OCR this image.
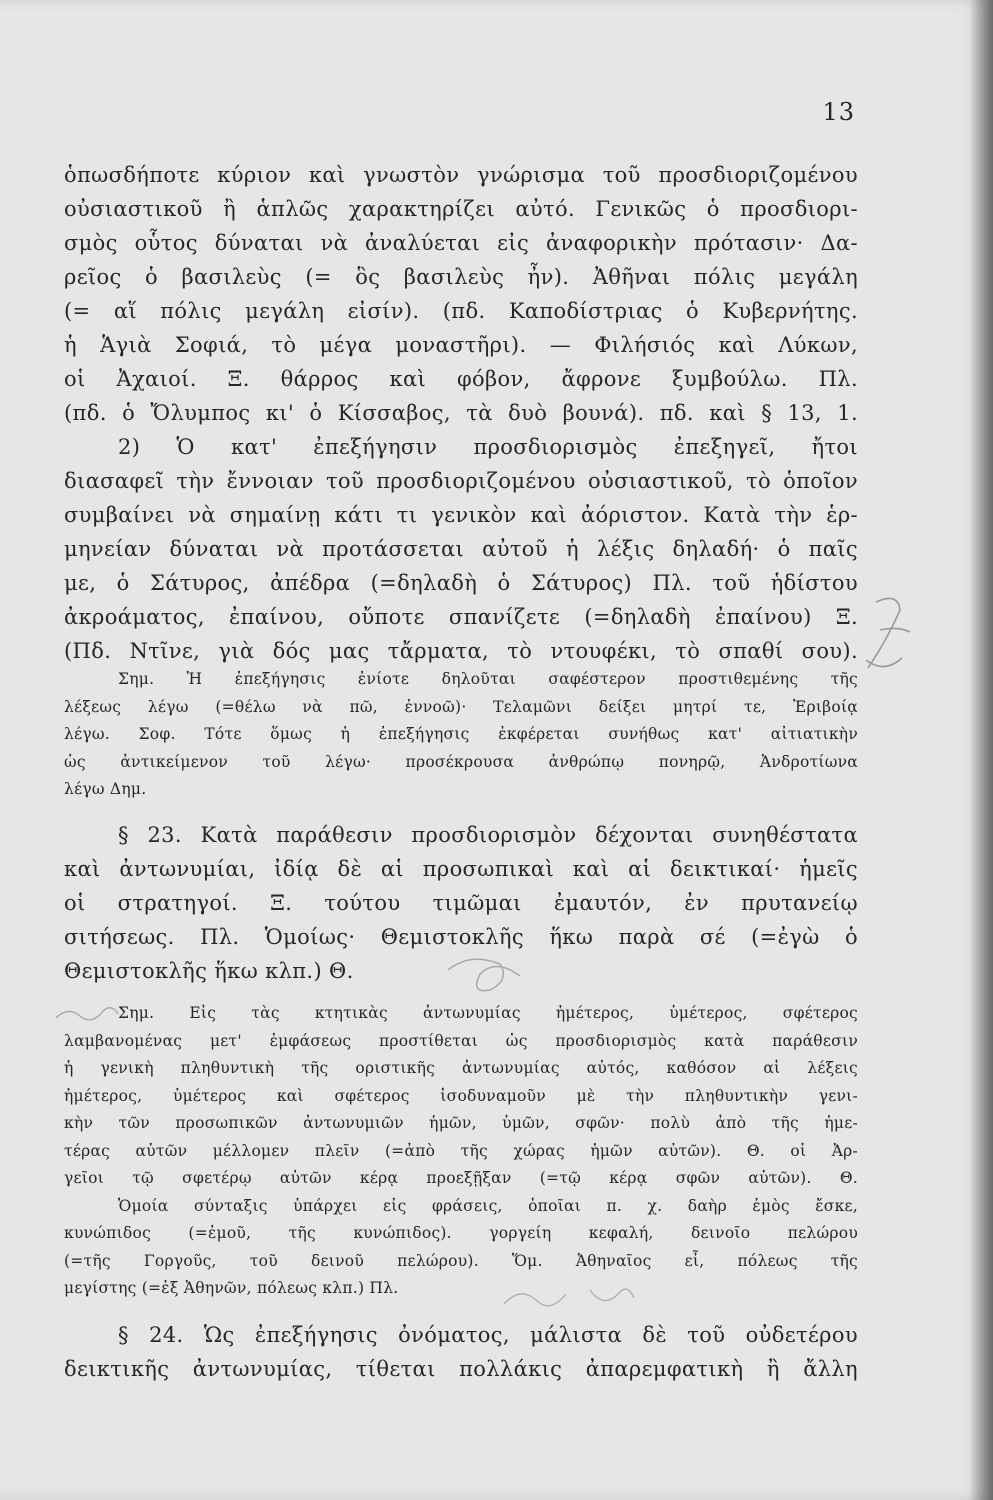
13
ὁπωσδήποτε κύριον καὶ γνωστὸν γνώρισμα τοῦ προσδιοριζομένου
οὐσιαστικοῦ ἢ ἁπλῶς χαρακτηρίζει αὐτό. Γενικῶς ὁ προσδιορι-
σμὸς οὗτος δύναται νὰ ἀναλύεται εἰς ἀναφορικὴν πρότασιν· Δα-
ρεῖος ὁ βασιλεὺς (= ὃς βασιλεὺς ἦν). Ἀθῆναι πόλις μεγάλη
(= αἵ πόλις μεγάλη εἰσίν). (πδ. Καποδίστριας ὁ Κυβερνήτης.
ἡ Ἁγιὰ Σοφιά, τὸ μέγα μοναστῆρι). — Φιλήσιός καὶ Λύκων,
οἱ Ἀχαιοί. Ξ. θάρρος καὶ φόβον, ἄφρονε ξυμβούλω. Πλ.
(πδ. ὁ Ὄλυμπος κι' ὁ Κίσσαβος, τὰ δυὸ βουνά). πδ. καὶ § 13, 1.
2) Ὁ κατ' ἐπεξήγησιν προσδιορισμὸς ἐπεξηγεῖ, ἤτοι
διασαφεῖ τὴν ἔννοιαν τοῦ προσδιοριζομένου οὐσιαστικοῦ, τὸ ὁποῖον
συμβαίνει νὰ σημαίνῃ κάτι τι γενικὸν καὶ ἀόριστον. Κατὰ τὴν ἑρ-
μηνείαν δύναται νὰ προτάσσεται αὐτοῦ ἡ λέξις δηλαδή· ὁ παῖς
με, ὁ Σάτυρος, ἀπέδρα (=δηλαδὴ ὁ Σάτυρος) Πλ. τοῦ ἡδίστου
ἀκροάματος, ἐπαίνου, οὔποτε σπανίζετε (=δηλαδὴ ἐπαίνου) Ξ.
(Πδ. Ντῖνε, γιὰ δός μας τἄρματα, τὸ ντουφέκι, τὸ σπαθί σου).
Σημ. Ἡ ἐπεξήγησις ἐνίοτε δηλοῦται σαφέστερον προστιθεμένης τῆς
λέξεως λέγω (=θέλω νὰ πῶ, ἐννοῶ)· Τελαμῶνι δείξει μητρί τε, Ἐριβοίᾳ
λέγω. Σοφ. Τότε ὅμως ἡ ἐπεξήγησις ἐκφέρεται συνήθως κατ' αἰτιατικὴν
ὡς ἀντικείμενον τοῦ λέγω· προσέκρουσα ἀνθρώπῳ πονηρῷ, Ἀνδροτίωνα
λέγω Δημ.
§ 23. Κατὰ παράθεσιν προσδιορισμὸν δέχονται συνηθέστατα
καὶ ἀντωνυμίαι, ἰδίᾳ δὲ αἱ προσωπικαὶ καὶ αἱ δεικτικαί· ἡμεῖς
οἱ στρατηγοί. Ξ. τούτου τιμῶμαι ἐμαυτόν, ἐν πρυτανείῳ
σιτήσεως. Πλ. Ὁμοίως· Θεμιστοκλῆς ἥκω παρὰ σέ (=ἐγὼ ὁ
Θεμιστοκλῆς ἥκω κλπ.) Θ.
Σημ. Εἰς τὰς κτητικὰς ἀντωνυμίας ἡμέτερος, ὑμέτερος, σφέτερος
λαμβανομένας μετ' ἐμφάσεως προστίθεται ὡς προσδιορισμὸς κατὰ παράθεσιν
ἡ γενικὴ πληθυντικὴ τῆς οριστικῆς ἀντωνυμίας αὐτός, καθόσον αἱ λέξεις
ἡμέτερος, ὑμέτερος καὶ σφέτερος ἰσοδυναμοῦν μὲ τὴν πληθυντικὴν γενι-
κὴν τῶν προσωπικῶν ἀντωνυμιῶν ἡμῶν, ὑμῶν, σφῶν· πολὺ ἀπὸ τῆς ἡμε-
τέρας αὐτῶν μέλλομεν πλεῖν (=ἀπὸ τῆς χώρας ἡμῶν αὐτῶν). Θ. οἱ Ἀρ-
γεῖοι τῷ σφετέρῳ αὐτῶν κέρᾳ προεξῇξαν (=τῷ κέρᾳ σφῶν αὐτῶν). Θ.
Ὁμοία σύνταξις ὑπάρχει εἰς φράσεις, ὁποῖαι π. χ. δαὴρ ἐμὸς ἔσκε,
κυνώπιδος (=ἐμοῦ, τῆς κυνώπιδος). γοργείη κεφαλή, δεινοῖο πελώρου
(=τῆς Γοργοῦς, τοῦ δεινοῦ πελώρου). Ὅμ. Ἀθηναῖος εἶ, πόλεως τῆς
μεγίστης (=ἐξ Ἀθηνῶν, πόλεως κλπ.) Πλ.
§ 24. Ὡς ἐπεξήγησις ὀνόματος, μάλιστα δὲ τοῦ οὐδετέρου
δεικτικῆς ἀντωνυμίας, τίθεται πολλάκις ἀπαρεμφατικὴ ἢ ἄλλη
